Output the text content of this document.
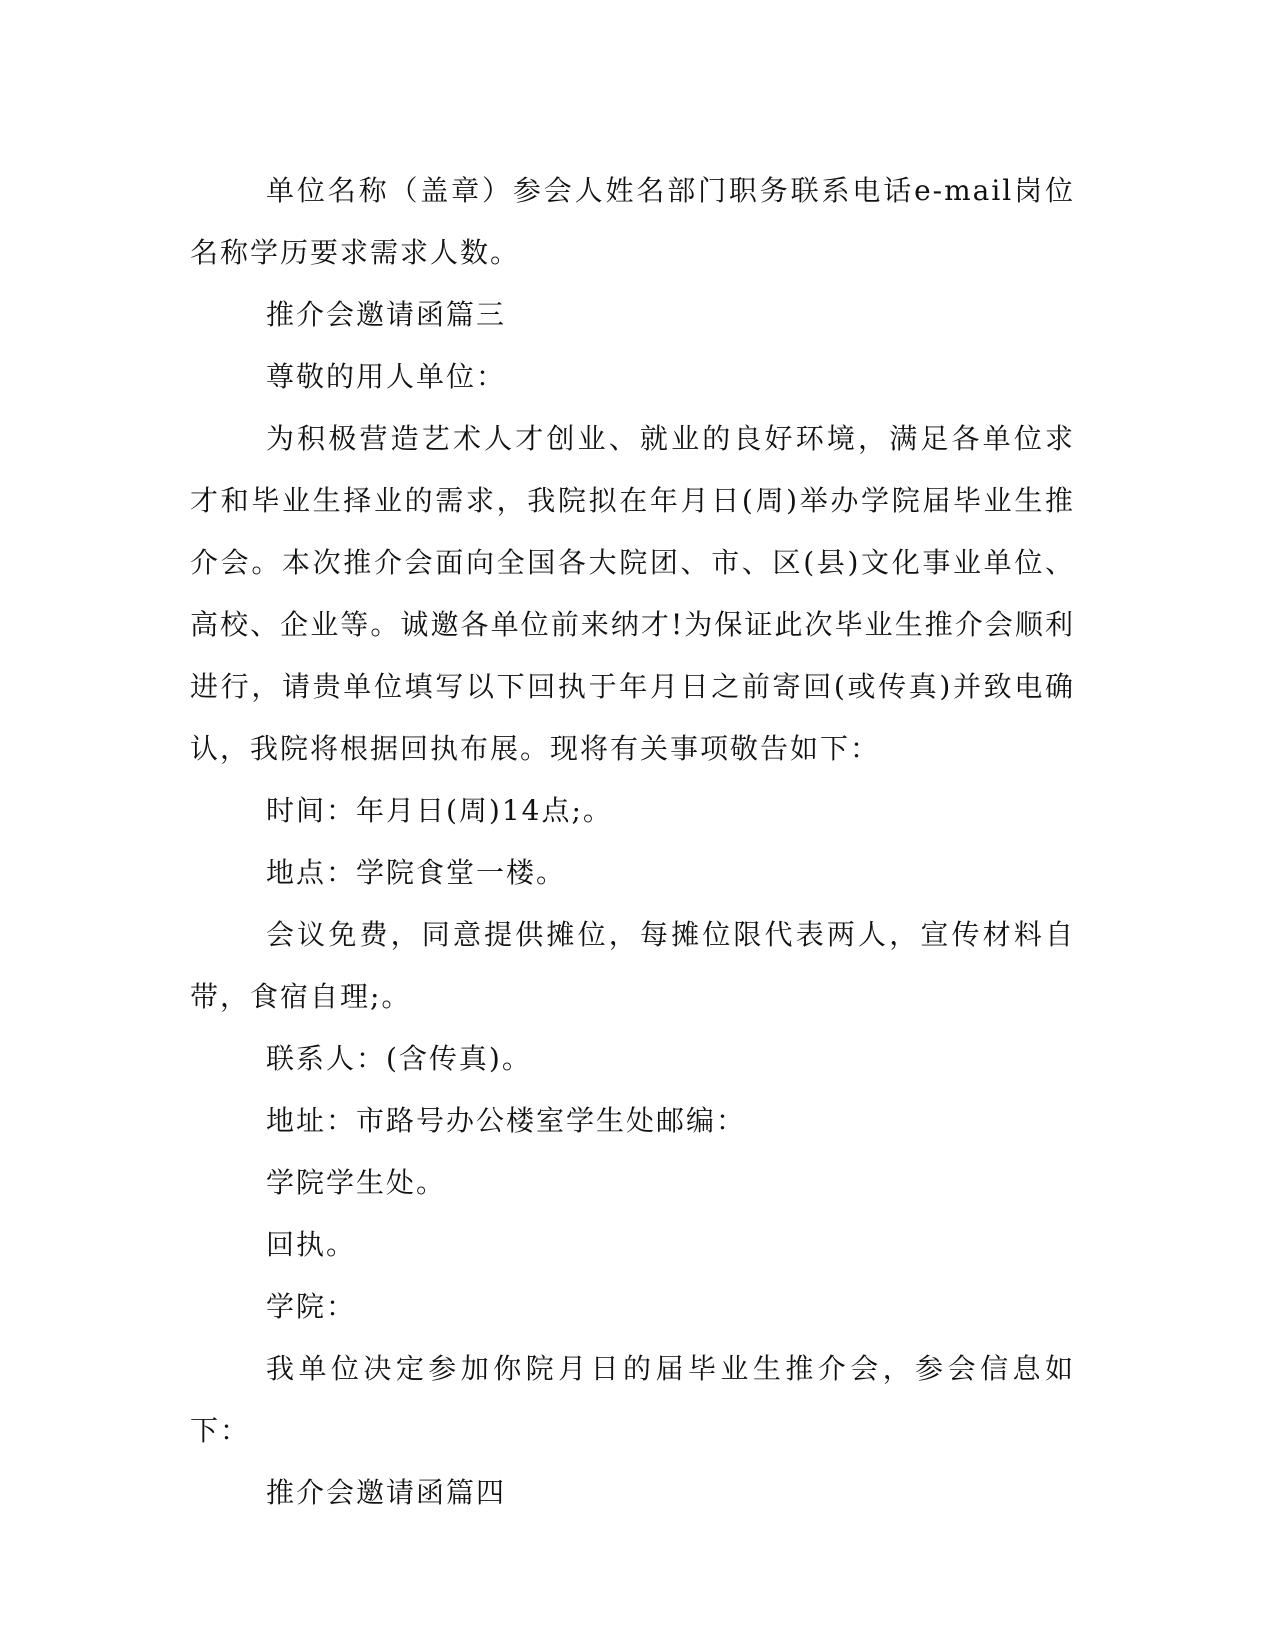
单位名称（盖章）参会人姓名部门职务联系电话e-mail岗位名称学历要求需求人数。

推介会邀请函篇三

尊敬的用人单位：

为积极营造艺术人才创业、就业的良好环境，满足各单位求才和毕业生择业的需求，我院拟在年月日(周)举办学院届毕业生推介会。本次推介会面向全国各大院团、市、区(县)文化事业单位、高校、企业等。诚邀各单位前来纳才!为保证此次毕业生推介会顺利进行，请贵单位填写以下回执于年月日之前寄回(或传真)并致电确认，我院将根据回执布展。现将有关事项敬告如下：

时间：年月日(周)14点;。

地点：学院食堂一楼。

会议免费，同意提供摊位，每摊位限代表两人，宣传材料自带，食宿自理;。

联系人：(含传真)。

地址：市路号办公楼室学生处邮编：

学院学生处。

回执。

学院：

我单位决定参加你院月日的届毕业生推介会，参会信息如下：

推介会邀请函篇四
